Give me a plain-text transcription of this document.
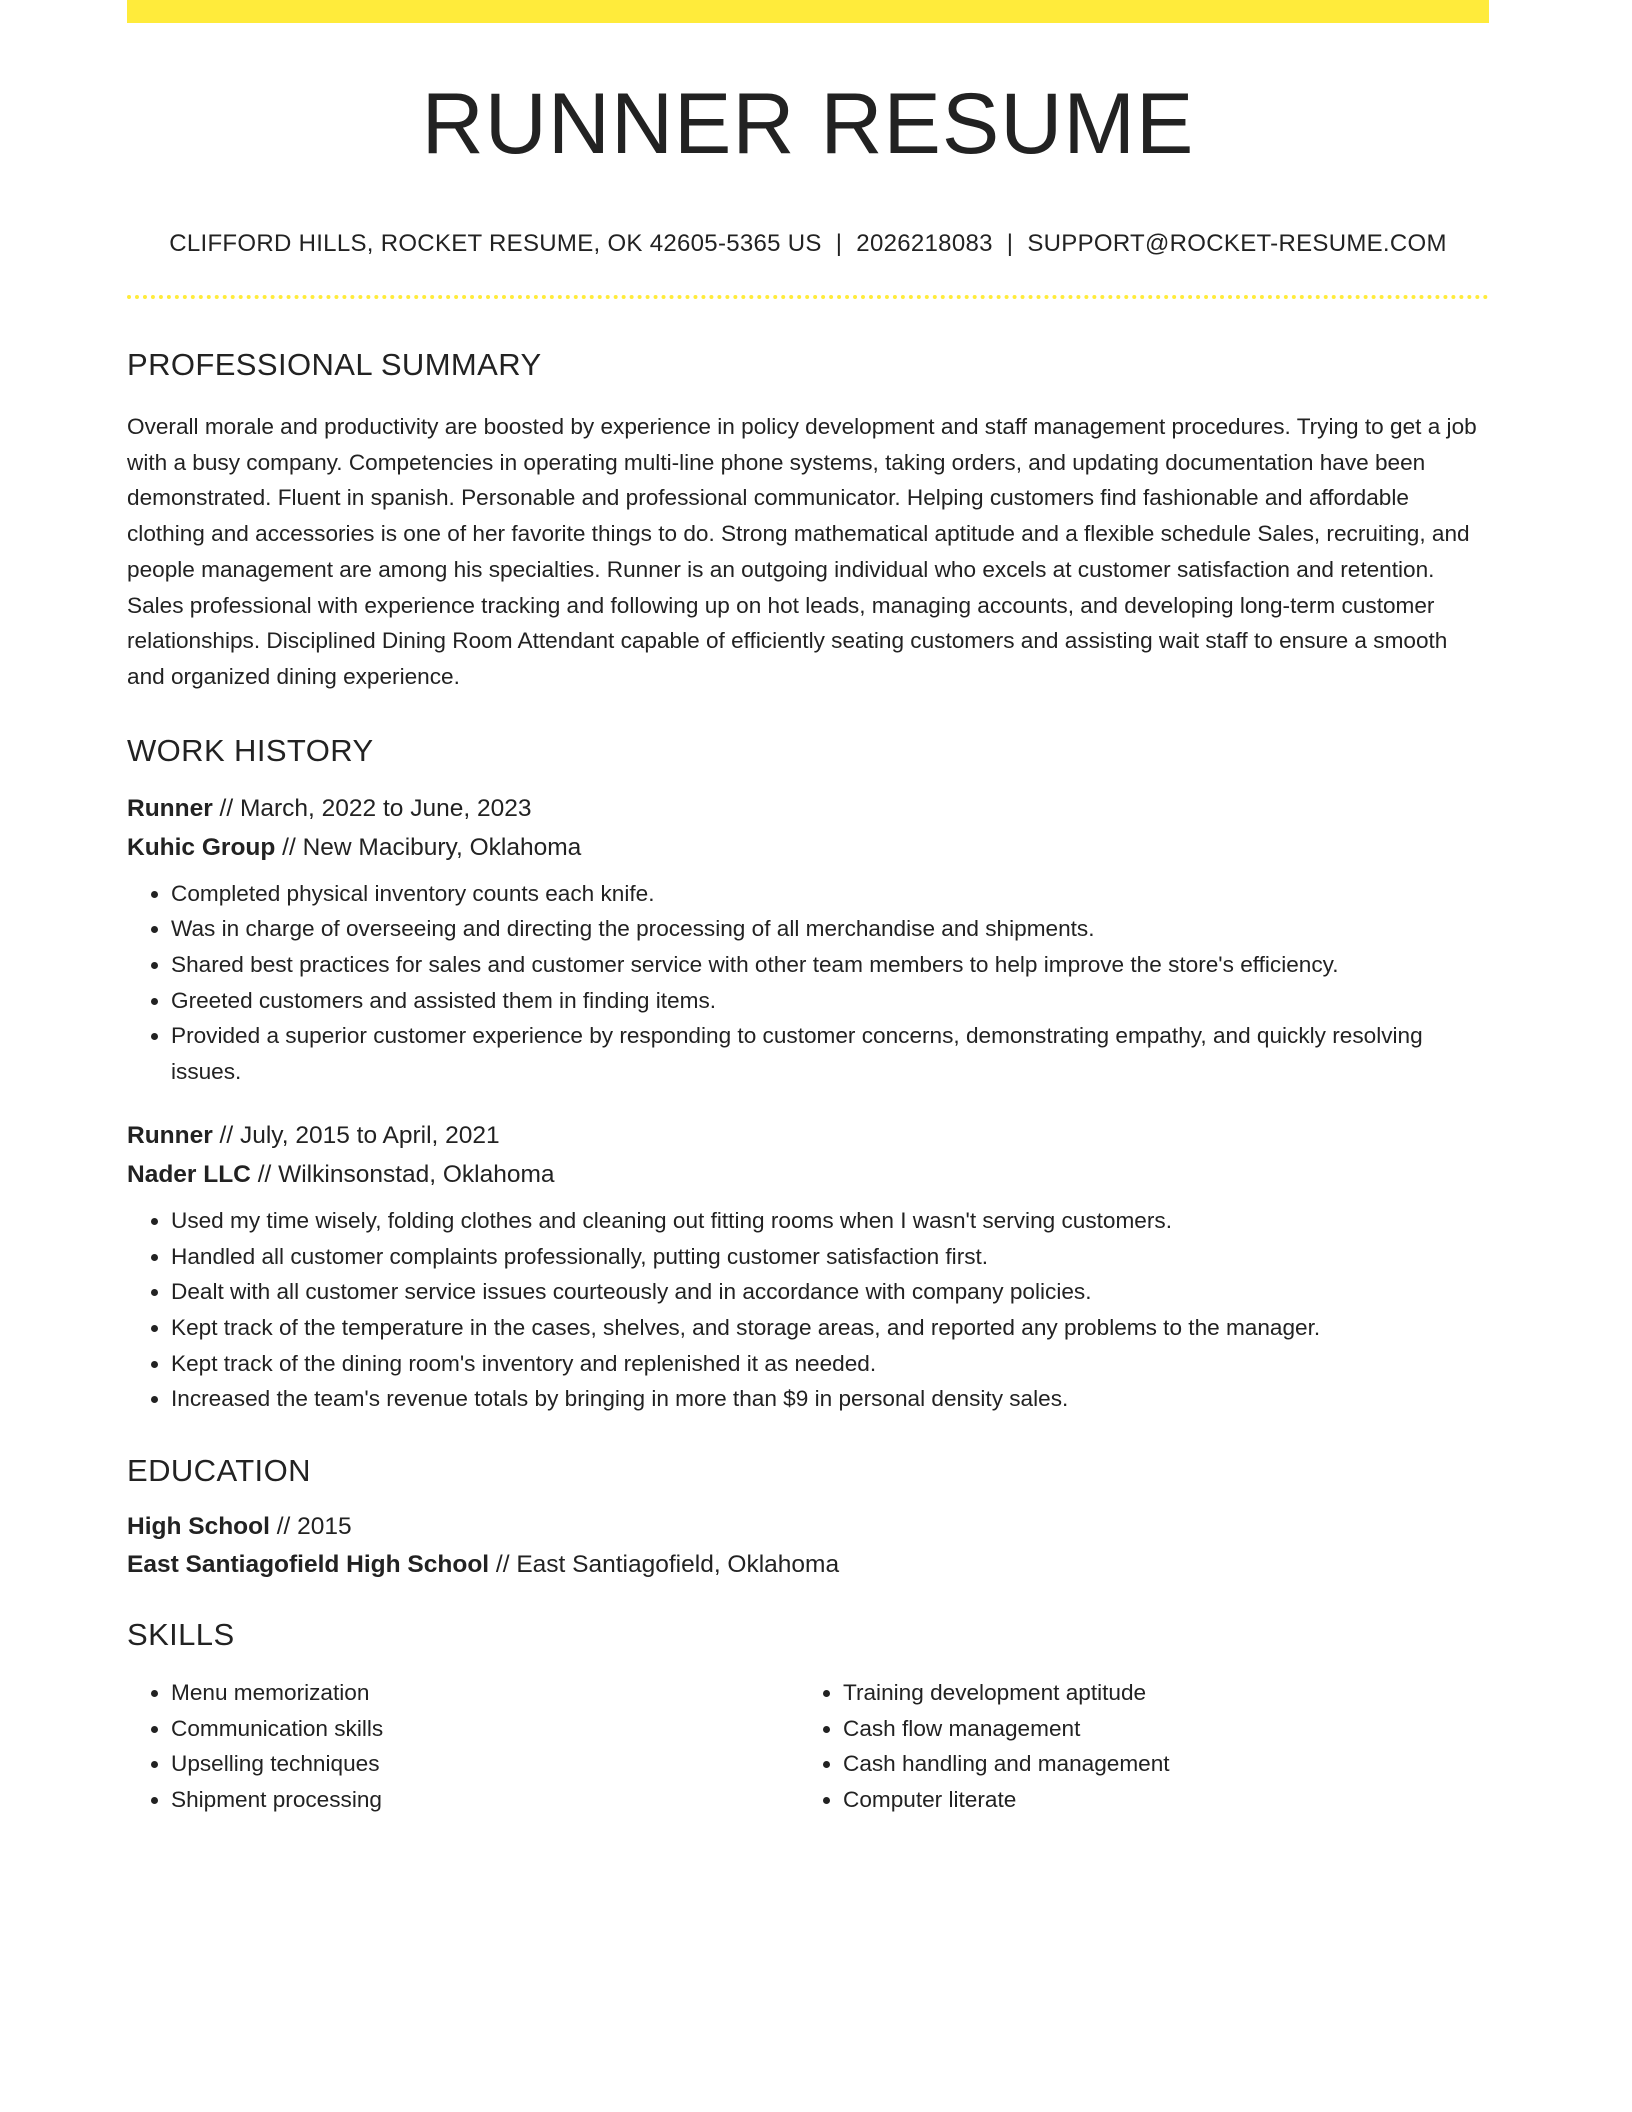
RUNNER RESUME
CLIFFORD HILLS, ROCKET RESUME, OK 42605-5365 US | 2026218083 | SUPPORT@ROCKET-RESUME.COM
PROFESSIONAL SUMMARY

Overall morale and productivity are boosted by experience in policy development and staff management procedures. Trying to get a job with a busy company. Competencies in operating multi-line phone systems, taking orders, and updating documentation have been demonstrated. Fluent in spanish. Personable and professional communicator. Helping customers find fashionable and affordable clothing and accessories is one of her favorite things to do. Strong mathematical aptitude and a flexible schedule Sales, recruiting, and people management are among his specialties. Runner is an outgoing individual who excels at customer satisfaction and retention. Sales professional with experience tracking and following up on hot leads, managing accounts, and developing long-term customer relationships. Disciplined Dining Room Attendant capable of efficiently seating customers and assisting wait staff to ensure a smooth and organized dining experience.

WORK HISTORY
Runner // March, 2022 to June, 2023
Kuhic Group // New Macibury, Oklahoma
• Completed physical inventory counts each knife.
• Was in charge of overseeing and directing the processing of all merchandise and shipments.
• Shared best practices for sales and customer service with other team members to help improve the store's efficiency.
• Greeted customers and assisted them in finding items.
• Provided a superior customer experience by responding to customer concerns, demonstrating empathy, and quickly resolving issues.
Runner // July, 2015 to April, 2021
Nader LLC // Wilkinsonstad, Oklahoma
• Used my time wisely, folding clothes and cleaning out fitting rooms when I wasn't serving customers.
• Handled all customer complaints professionally, putting customer satisfaction first.
• Dealt with all customer service issues courteously and in accordance with company policies.
• Kept track of the temperature in the cases, shelves, and storage areas, and reported any problems to the manager.
• Kept track of the dining room's inventory and replenished it as needed.
• Increased the team's revenue totals by bringing in more than $9 in personal density sales.
EDUCATION
High School // 2015
East Santiagofield High School // East Santiagofield, Oklahoma
SKILLS
• Menu memorization
• Communication skills
• Upselling techniques
• Shipment processing
• Training development aptitude
• Cash flow management
• Cash handling and management
• Computer literate
